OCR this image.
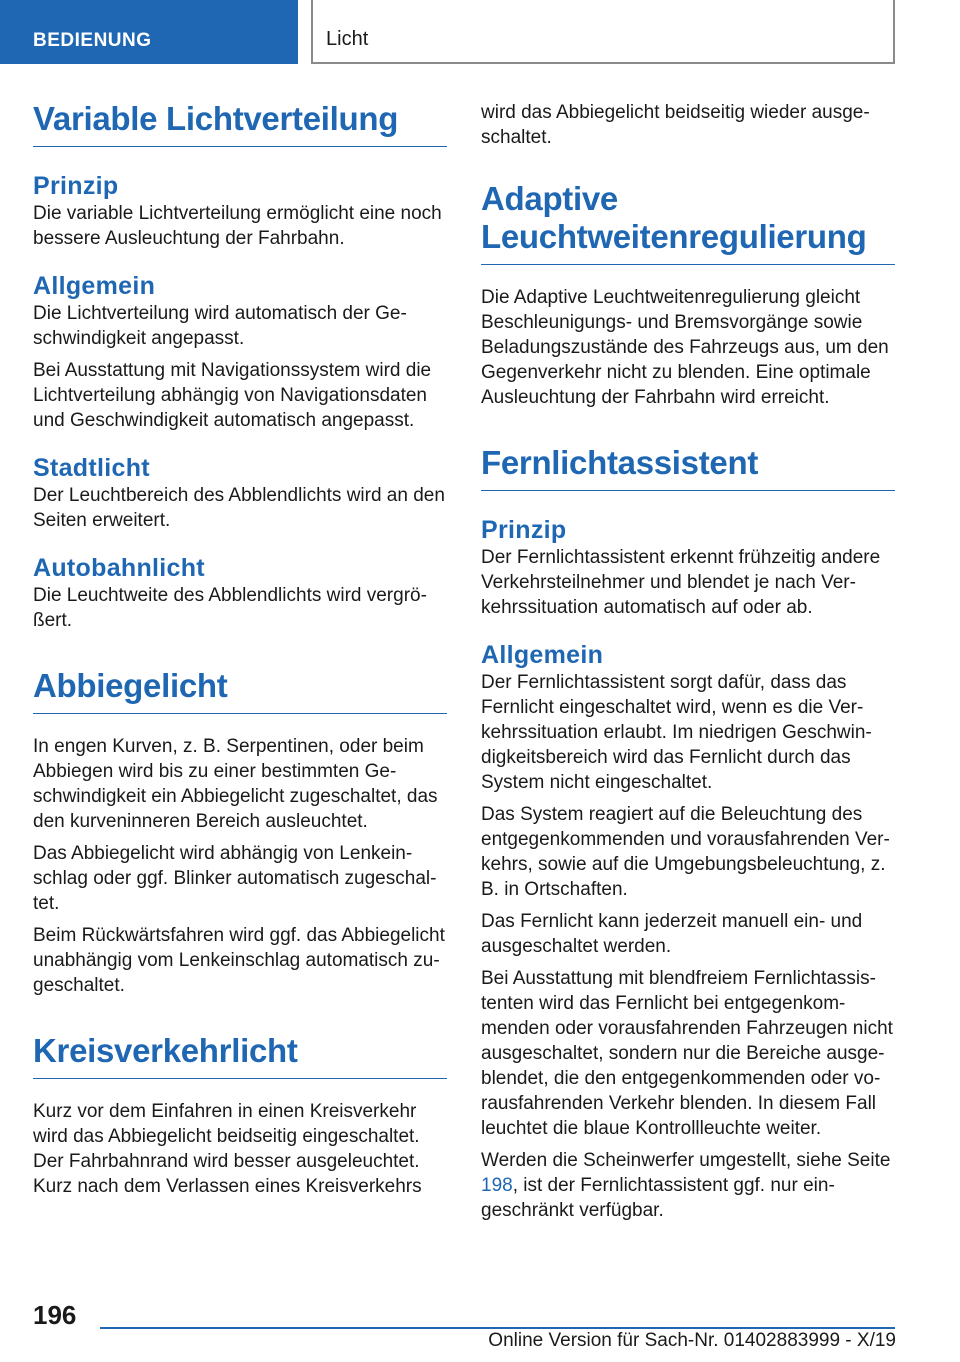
BEDIENUNG	Licht
Variable Lichtverteilung
Prinzip

Die variable Lichtverteilung ermöglicht eine noch bessere Ausleuchtung der Fahrbahn.

Allgemein

Die Lichtverteilung wird automatisch der Geschwindigkeit angepasst.

Bei Ausstattung mit Navigationssystem wird die Lichtverteilung abhängig von Navigationsdaten und Geschwindigkeit automatisch angepasst.

Stadtlicht

Der Leuchtbereich des Abblendlichts wird an den Seiten erweitert.

Autobahnlicht

Die Leuchtweite des Abblendlichts wird vergrößert.

Abbiegelicht

In engen Kurven, z. B. Serpentinen, oder beim Abbiegen wird bis zu einer bestimmten Geschwindigkeit ein Abbiegelicht zugeschaltet, das den kurveninneren Bereich ausleuchtet.

Das Abbiegelicht wird abhängig von Lenkeinschlag oder ggf. Blinker automatisch zugeschaltet.

Beim Rückwärtsfahren wird ggf. das Abbiegelicht unabhängig vom Lenkeinschlag automatisch zugeschaltet.

Kreisverkehrlicht

Kurz vor dem Einfahren in einen Kreisverkehr wird das Abbiegelicht beidseitig eingeschaltet. Der Fahrbahnrand wird besser ausgeleuchtet. Kurz nach dem Verlassen eines Kreisverkehrs

wird das Abbiegelicht beidseitig wieder ausgeschaltet.

Adaptive Leuchtweitenregulierung

Die Adaptive Leuchtweitenregulierung gleicht Beschleunigungs- und Bremsvorgänge sowie Beladungszustände des Fahrzeugs aus, um den Gegenverkehr nicht zu blenden. Eine optimale Ausleuchtung der Fahrbahn wird erreicht.

Fernlichtassistent
Prinzip

Der Fernlichtassistent erkennt frühzeitig andere Verkehrsteilnehmer und blendet je nach Verkehrssituation automatisch auf oder ab.

Allgemein

Der Fernlichtassistent sorgt dafür, dass das Fernlicht eingeschaltet wird, wenn es die Verkehrssituation erlaubt. Im niedrigen Geschwindigkeitsbereich wird das Fernlicht durch das System nicht eingeschaltet.

Das System reagiert auf die Beleuchtung des entgegenkommenden und vorausfahrenden Verkehrs, sowie auf die Umgebungsbeleuchtung, z. B. in Ortschaften.

Das Fernlicht kann jederzeit manuell ein- und ausgeschaltet werden.

Bei Ausstattung mit blendfreiem Fernlichtassistenten wird das Fernlicht bei entgegenkommenden oder vorausfahrenden Fahrzeugen nicht ausgeschaltet, sondern nur die Bereiche ausgeblendet, die den entgegenkommenden oder vorausfahrenden Verkehr blenden. In diesem Fall leuchtet die blaue Kontrollleuchte weiter.

Werden die Scheinwerfer umgestellt, siehe Seite 198, ist der Fernlichtassistent ggf. nur eingeschränkt verfügbar.

196
Online Version für Sach-Nr. 01402883999 - X/19
